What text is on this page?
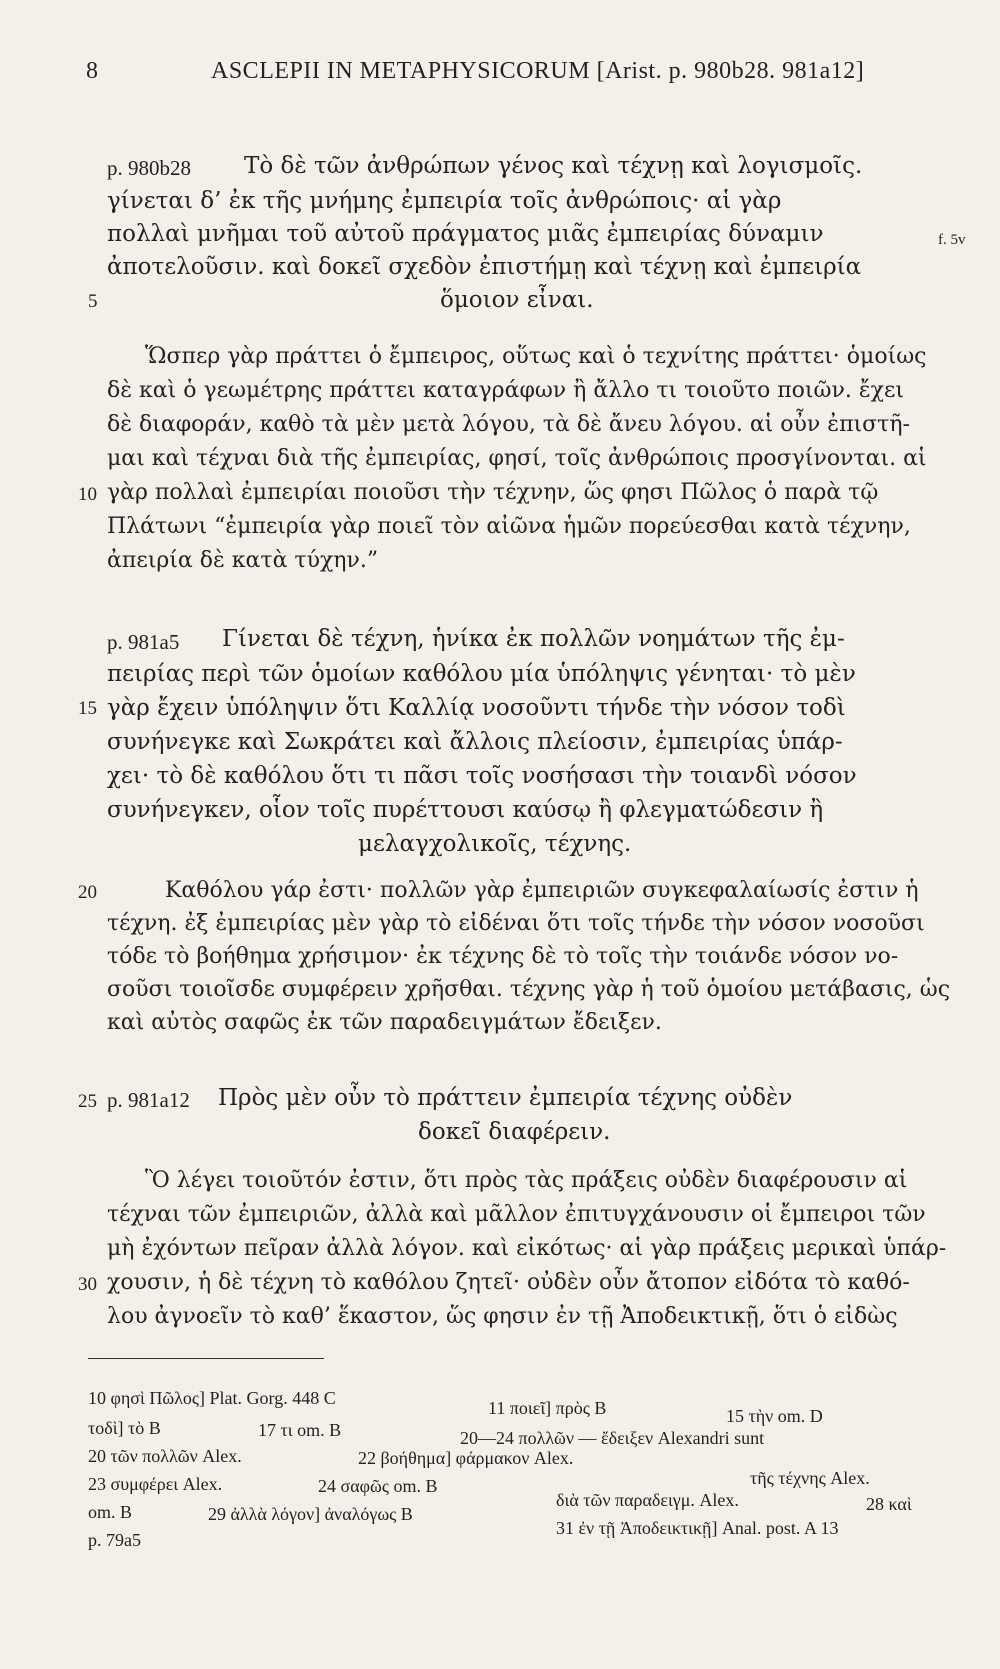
8	ASCLEPII IN METAPHYSICORUM [Arist. p. 980b28. 981a12]
p. 980b28 Τὸ δὲ τῶν ἀνθρώπων γένος καὶ τέχνῃ καὶ λογισμοῖς.
γίνεται δ’ ἐκ τῆς μνήμης ἐμπειρία τοῖς ἀνθρώποις· αἱ γὰρ
πολλαὶ μνῆμαι τοῦ αὐτοῦ πράγματος μιᾶς ἐμπειρίας δύναμιν
ἀποτελοῦσιν. καὶ δοκεῖ σχεδὸν ἐπιστήμῃ καὶ τέχνῃ καὶ ἐμπειρία
ὅμοιον εἶναι.
f. 5v
5
Ὥσπερ γὰρ πράττει ὁ ἔμπειρος, οὕτως καὶ ὁ τεχνίτης πράττει· ὁμοίως
δὲ καὶ ὁ γεωμέτρης πράττει καταγράφων ἢ ἄλλο τι τοιοῦτο ποιῶν. ἔχει
δὲ διαφοράν, καθὸ τὰ μὲν μετὰ λόγου, τὰ δὲ ἄνευ λόγου. αἱ οὖν ἐπιστῆ-
μαι καὶ τέχναι διὰ τῆς ἐμπειρίας, φησί, τοῖς ἀνθρώποις προσγίνονται. αἱ
γὰρ πολλαὶ ἐμπειρίαι ποιοῦσι τὴν τέχνην, ὥς φησι Πῶλος ὁ παρὰ τῷ
Πλάτωνι “ἐμπειρία γὰρ ποιεῖ τὸν αἰῶνα ἡμῶν πορεύεσθαι κατὰ τέχνην,
ἀπειρία δὲ κατὰ τύχην.”
10
p. 981a5 Γίνεται δὲ τέχνη, ἡνίκα ἐκ πολλῶν νοημάτων τῆς ἐμ-
πειρίας περὶ τῶν ὁμοίων καθόλου μία ὑπόληψις γένηται· τὸ μὲν
γὰρ ἔχειν ὑπόληψιν ὅτι Καλλίᾳ νοσοῦντι τήνδε τὴν νόσον τοδὶ
συνήνεγκε καὶ Σωκράτει καὶ ἄλλοις πλείοσιν, ἐμπειρίας ὑπάρ-
χει· τὸ δὲ καθόλου ὅτι τι πᾶσι τοῖς νοσήσασι τὴν τοιανδὶ νόσον
συνήνεγκεν, οἷον τοῖς πυρέττουσι καύσῳ ἢ φλεγματώδεσιν ἢ
μελαγχολικοῖς, τέχνης.
15
Καθόλου γάρ ἐστι· πολλῶν γὰρ ἐμπειριῶν συγκεφαλαίωσίς ἐστιν ἡ
τέχνη. ἐξ ἐμπειρίας μὲν γὰρ τὸ εἰδέναι ὅτι τοῖς τήνδε τὴν νόσον νοσοῦσι
τόδε τὸ βοήθημα χρήσιμον· ἐκ τέχνης δὲ τὸ τοῖς τὴν τοιάνδε νόσον νο-
σοῦσι τοιοῖσδε συμφέρειν χρῆσθαι. τέχνης γὰρ ἡ τοῦ ὁμοίου μετάβασις, ὡς
καὶ αὐτὸς σαφῶς ἐκ τῶν παραδειγμάτων ἔδειξεν.
20
p. 981a12 Πρὸς μὲν οὖν τὸ πράττειν ἐμπειρία τέχνης οὐδὲν
δοκεῖ διαφέρειν.
25
Ὃ λέγει τοιοῦτόν ἐστιν, ὅτι πρὸς τὰς πράξεις οὐδὲν διαφέρουσιν αἱ
τέχναι τῶν ἐμπειριῶν, ἀλλὰ καὶ μᾶλλον ἐπιτυγχάνουσιν οἱ ἔμπειροι τῶν
μὴ ἐχόντων πεῖραν ἀλλὰ λόγον. καὶ εἰκότως· αἱ γὰρ πράξεις μερικαὶ ὑπάρ-
χουσιν, ἡ δὲ τέχνη τὸ καθόλου ζητεῖ· οὐδὲν οὖν ἄτοπον εἰδότα τὸ καθό-
λου ἀγνοεῖν τὸ καθ’ ἕκαστον, ὥς φησιν ἐν τῇ Ἀποδεικτικῇ, ὅτι ὁ εἰδὼς
30
10 φησὶ Πῶλος] Plat. Gorg. 448 C	11 ποιεῖ] πρὸς B	15 τὴν om. D
τοδὶ] τὸ B	17 τι om. B	20—24 πολλῶν — ἔδειξεν Alexandri sunt
20 τῶν πολλῶν Alex.	22 βοήθημα] φάρμακον Alex.
τῆς τέχνης Alex.
23 συμφέρει Alex.	24 σαφῶς om. B
διὰ τῶν παραδειγμ. Alex.	28 καὶ
om. B	29 ἀλλὰ λόγον] ἀναλόγως B
31 ἐν τῇ Ἀποδεικτικῇ] Anal. post. A 13
p. 79a5
